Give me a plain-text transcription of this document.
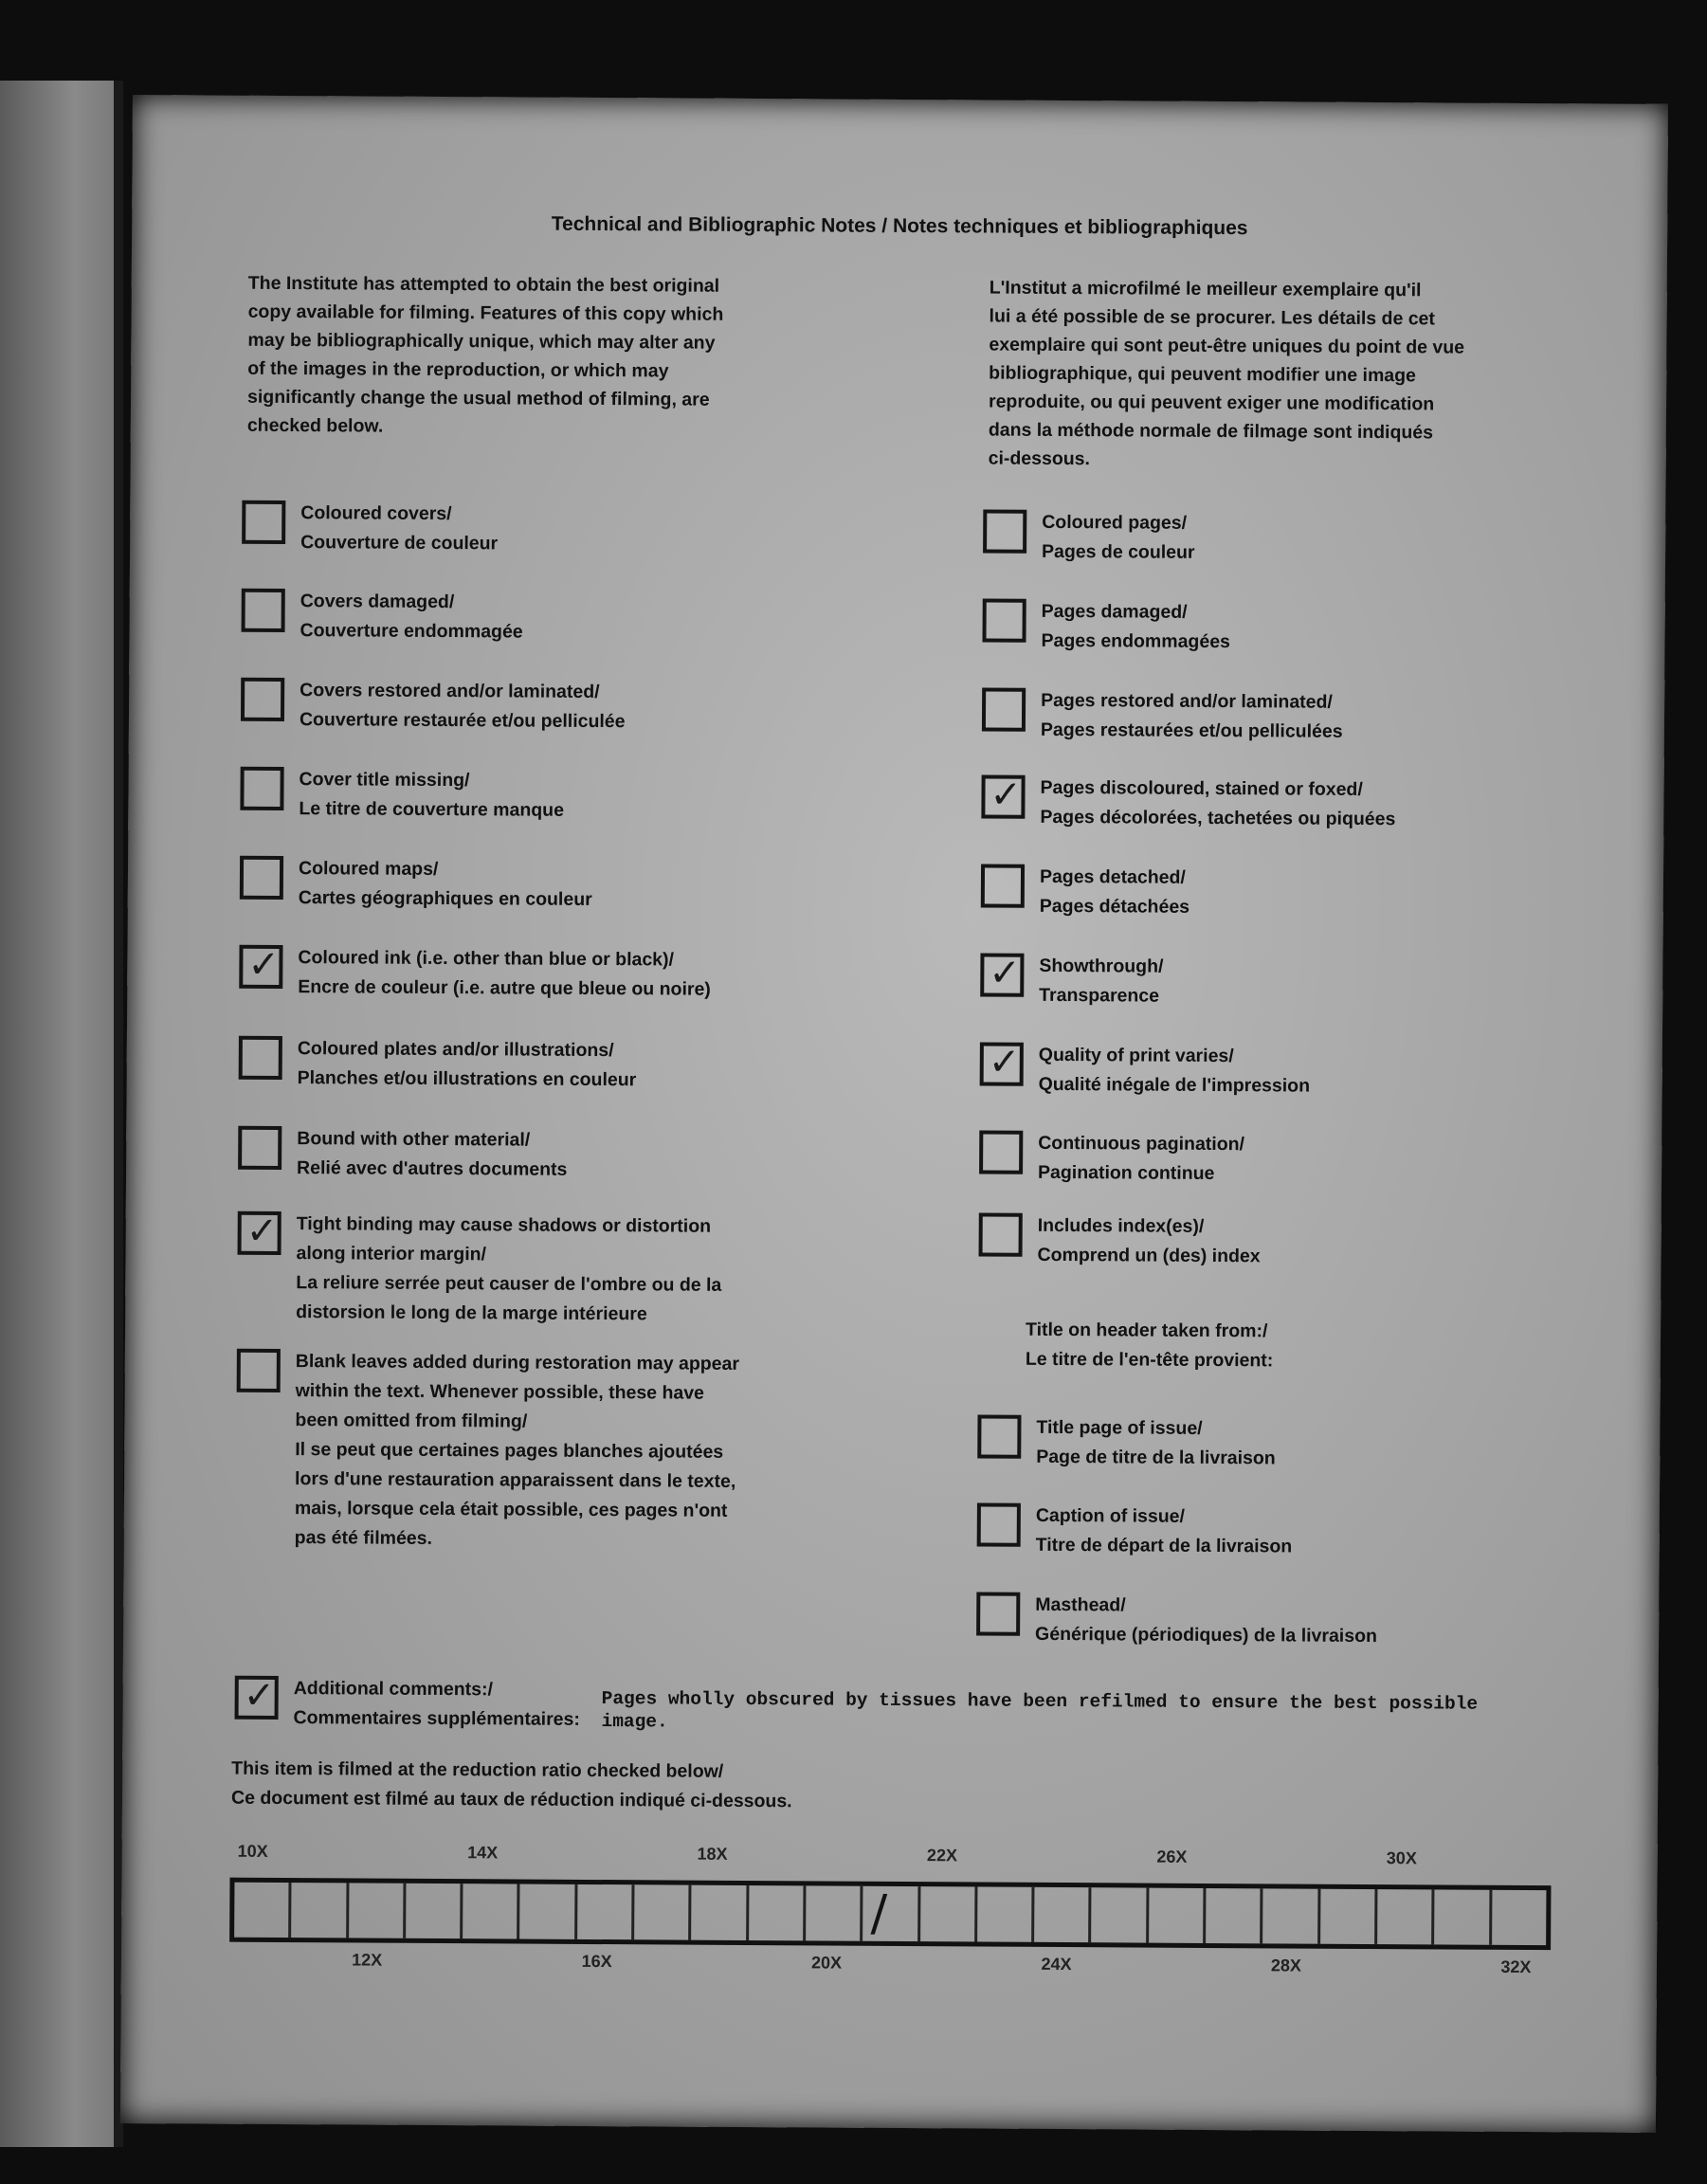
Technical and Bibliographic Notes / Notes techniques et bibliographiques
The Institute has attempted to obtain the best original
copy available for filming. Features of this copy which
may be bibliographically unique, which may alter any
of the images in the reproduction, or which may
significantly change the usual method of filming, are
checked below.
L'Institut a microfilmé le meilleur exemplaire qu'il
lui a été possible de se procurer. Les détails de cet
exemplaire qui sont peut-être uniques du point de vue
bibliographique, qui peuvent modifier une image
reproduite, ou qui peuvent exiger une modification
dans la méthode normale de filmage sont indiqués
ci-dessous.
Coloured covers/
Couverture de couleur
Covers damaged/
Couverture endommagée
Covers restored and/or laminated/
Couverture restaurée et/ou pelliculée
Cover title missing/
Le titre de couverture manque
Coloured maps/
Cartes géographiques en couleur
✓ Coloured ink (i.e. other than blue or black)/
Encre de couleur (i.e. autre que bleue ou noire)
Coloured plates and/or illustrations/
Planches et/ou illustrations en couleur
Bound with other material/
Relié avec d'autres documents
✓ Tight binding may cause shadows or distortion
along interior margin/
La reliure serrée peut causer de l'ombre ou de la
distorsion le long de la marge intérieure
Blank leaves added during restoration may appear
within the text. Whenever possible, these have
been omitted from filming/
Il se peut que certaines pages blanches ajoutées
lors d'une restauration apparaissent dans le texte,
mais, lorsque cela était possible, ces pages n'ont
pas été filmées.
Coloured pages/
Pages de couleur
Pages damaged/
Pages endommagées
Pages restored and/or laminated/
Pages restaurées et/ou pelliculées
✓ Pages discoloured, stained or foxed/
Pages décolorées, tachetées ou piquées
Pages detached/
Pages détachées
✓ Showthrough/
Transparence
✓ Quality of print varies/
Qualité inégale de l'impression
Continuous pagination/
Pagination continue
Includes index(es)/
Comprend un (des) index
Title page of issue/
Page de titre de la livraison
Caption of issue/
Titre de départ de la livraison
Masthead/
Générique (périodiques) de la livraison
Title on header taken from:/
Le titre de l'en-tête provient:
✓ Additional comments:/
Commentaires supplémentaires:
Pages wholly obscured by tissues have been refilmed to ensure the best possible image.
This item is filmed at the reduction ratio checked below/
Ce document est filmé au taux de réduction indiqué ci-dessous.
10X	14X	18X	22X	26X	30X
12X	16X	20X	24X	28X	32X
/
